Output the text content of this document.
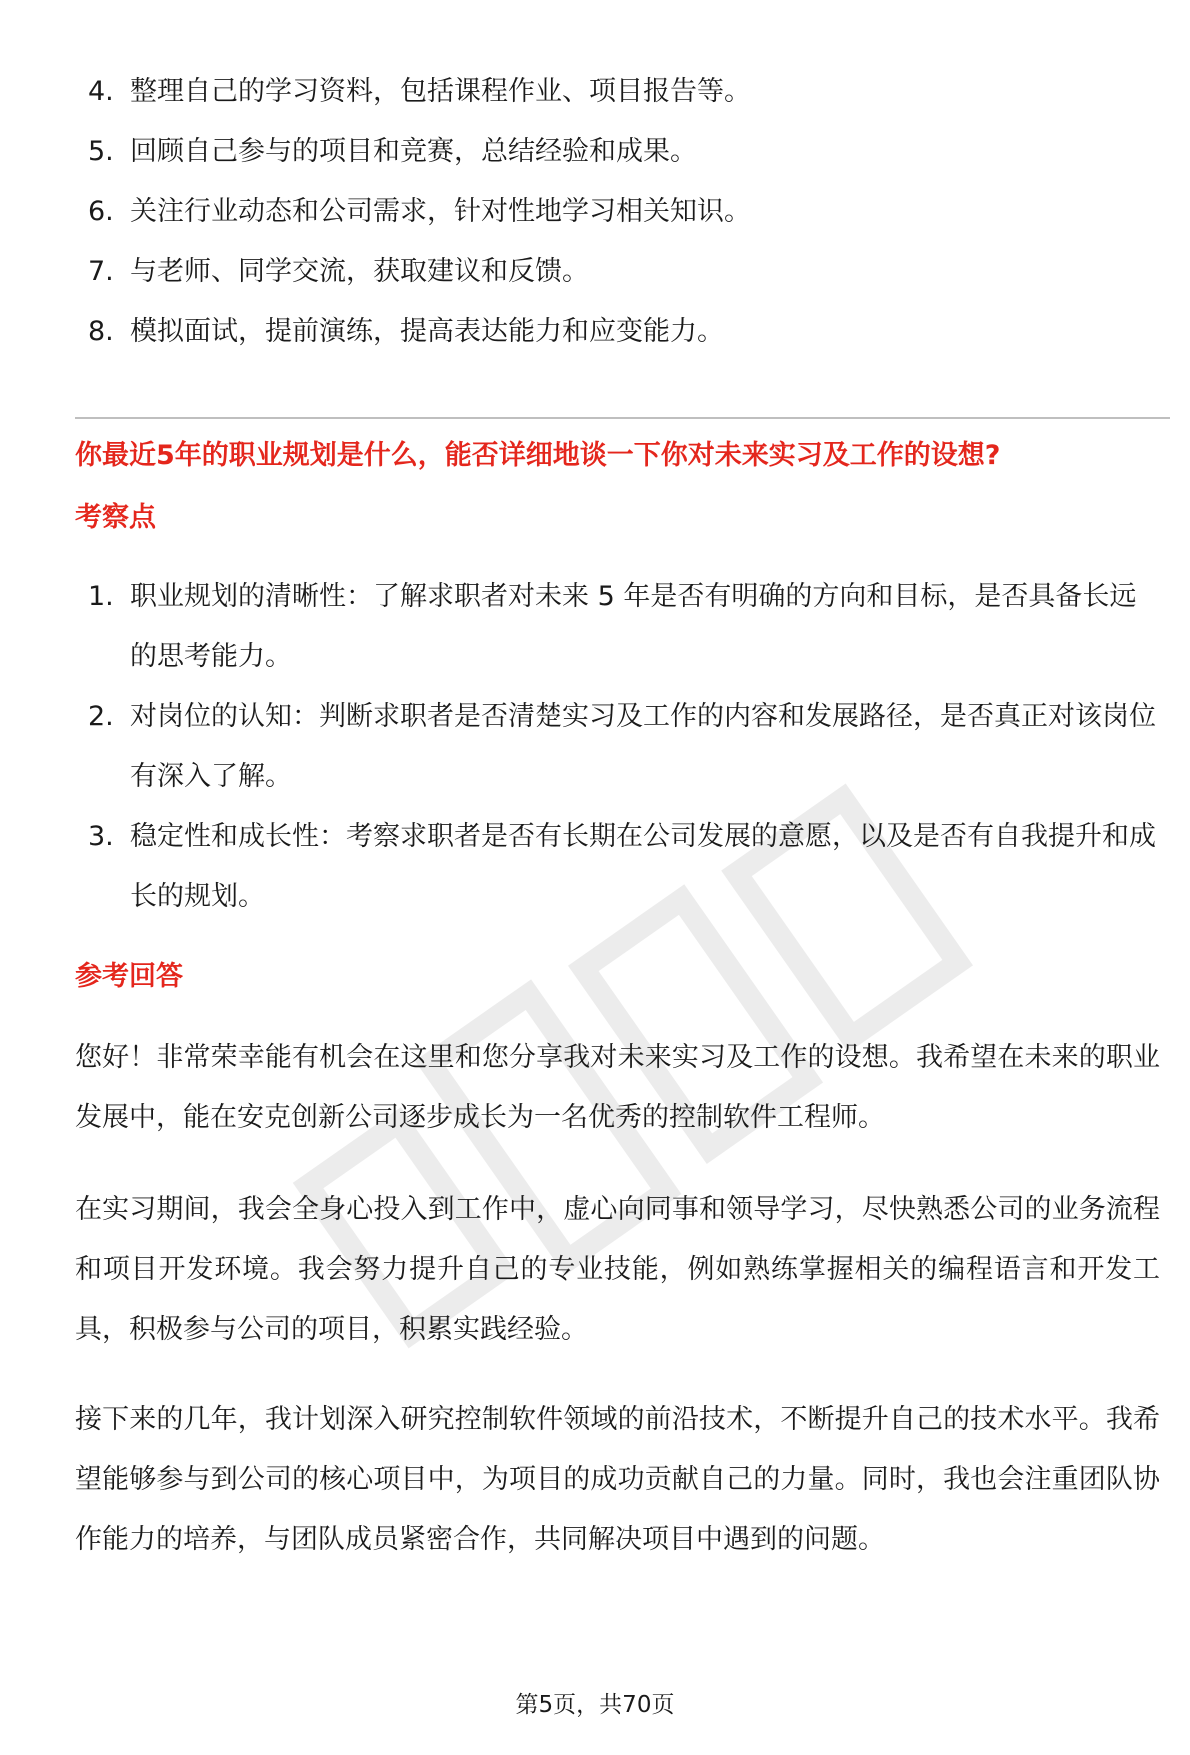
4. 整理自己的学习资料，包括课程作业、项目报告等。
5. 回顾自己参与的项目和竞赛，总结经验和成果。
6. 关注行业动态和公司需求，针对性地学习相关知识。
7. 与老师、同学交流，获取建议和反馈。
8. 模拟面试，提前演练，提高表达能力和应变能力。
你最近5年的职业规划是什么，能否详细地谈一下你对未来实习及工作的设想?
考察点
1. 职业规划的清晰性：了解求职者对未来 5 年是否有明确的方向和目标，是否具备长远的思考能力。
2. 对岗位的认知：判断求职者是否清楚实习及工作的内容和发展路径，是否真正对该岗位有深入了解。
3. 稳定性和成长性：考察求职者是否有长期在公司发展的意愿，以及是否有自我提升和成长的规划。
参考回答
您好！非常荣幸能有机会在这里和您分享我对未来实习及工作的设想。我希望在未来的职业发展中，能在安克创新公司逐步成长为一名优秀的控制软件工程师。
在实习期间，我会全身心投入到工作中，虚心向同事和领导学习，尽快熟悉公司的业务流程和项目开发环境。我会努力提升自己的专业技能，例如熟练掌握相关的编程语言和开发工具，积极参与公司的项目，积累实践经验。
接下来的几年，我计划深入研究控制软件领域的前沿技术，不断提升自己的技术水平。我希望能够参与到公司的核心项目中，为项目的成功贡献自己的力量。同时，我也会注重团队协作能力的培养，与团队成员紧密合作，共同解决项目中遇到的问题。
第5页，共70页
